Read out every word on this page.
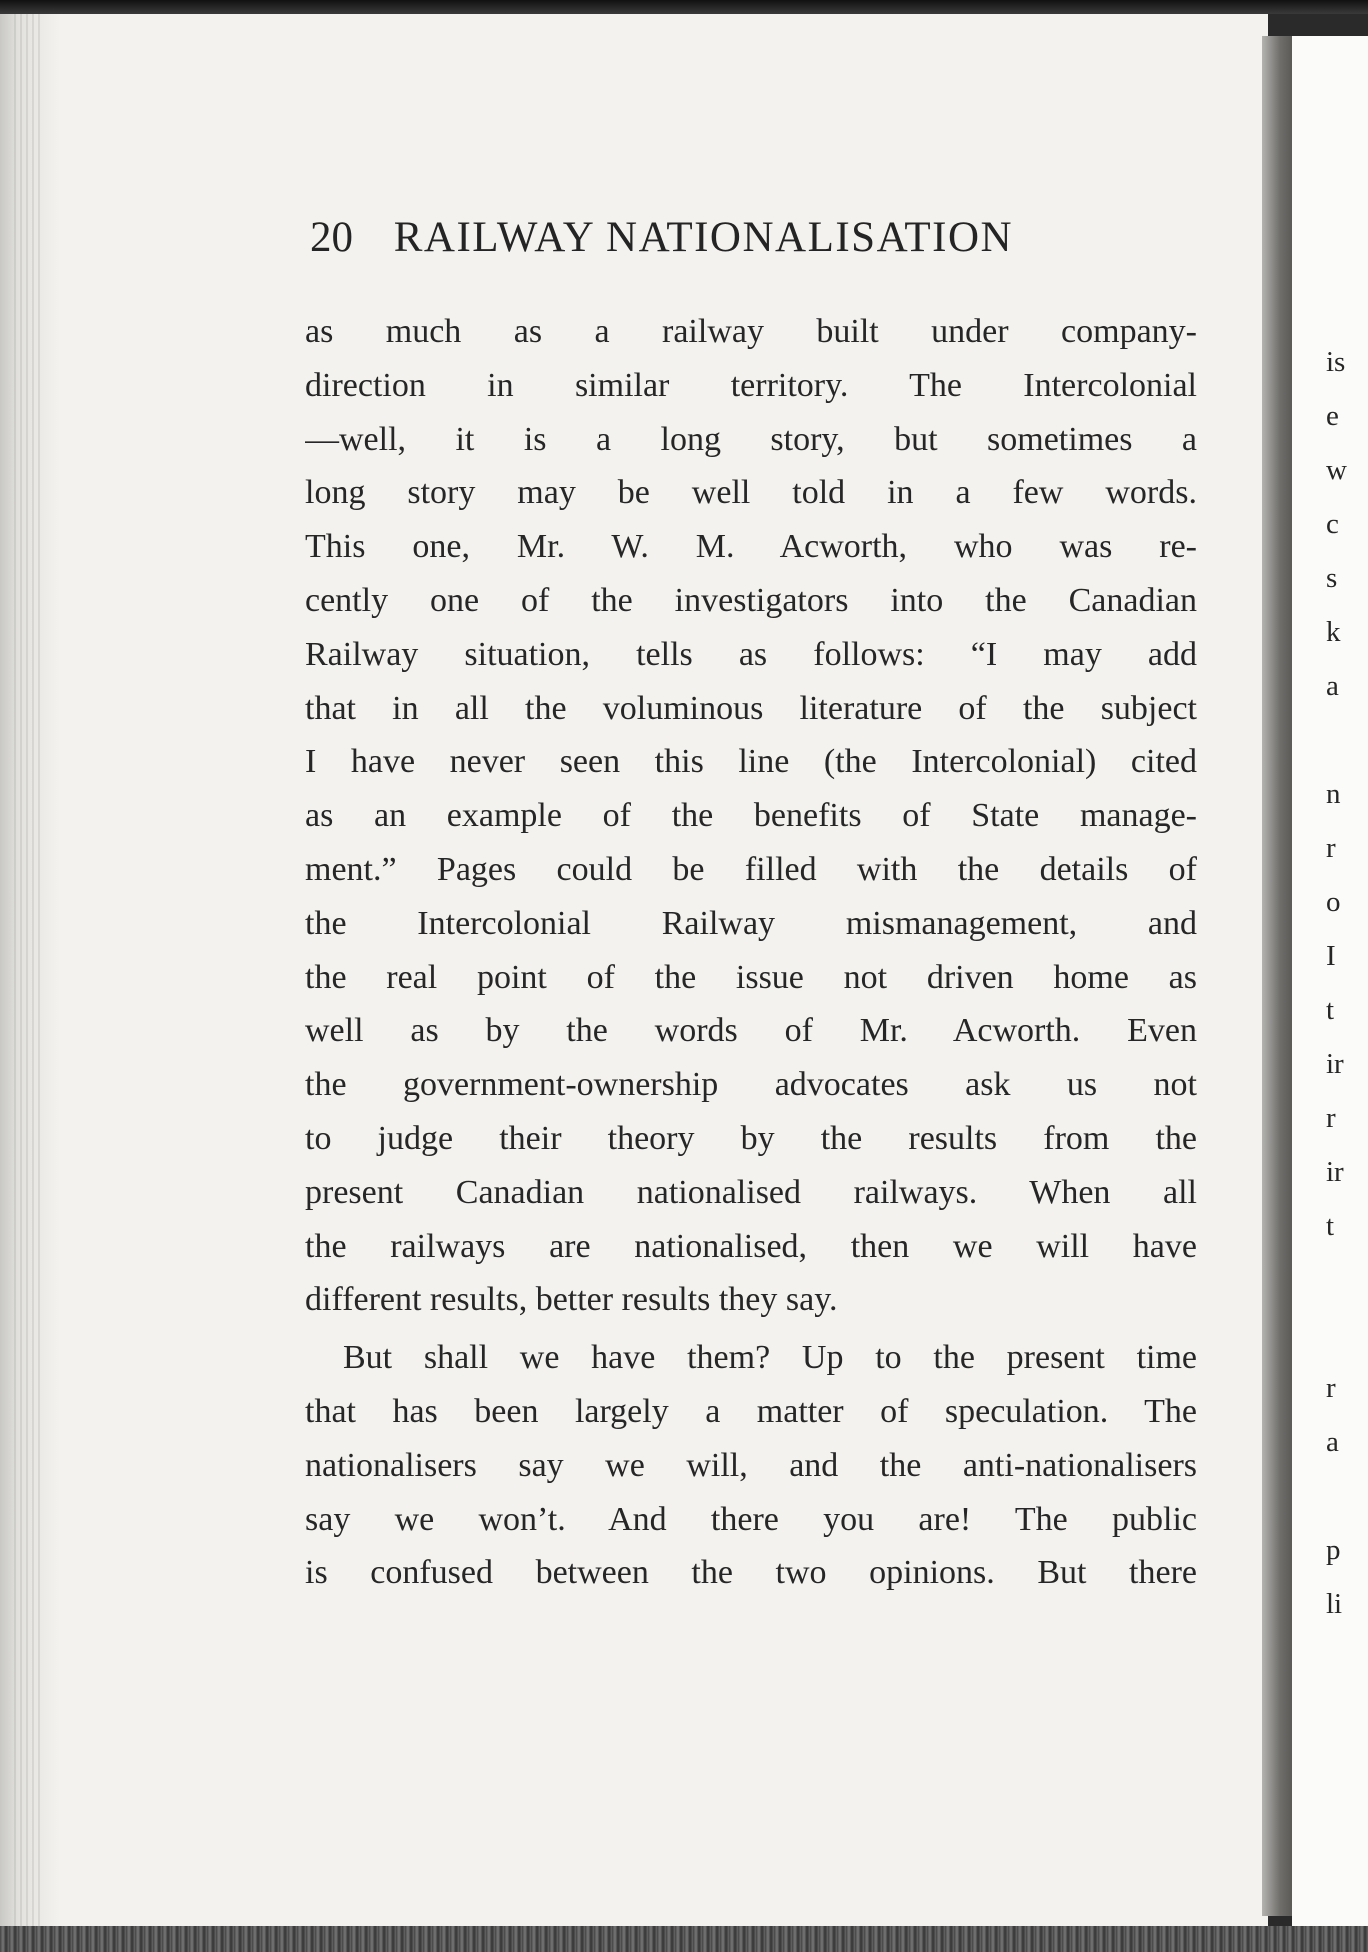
is
e
w
c
s
k
a
n
r
o
I
t
ir
r
ir
t
r
a
p
li
20 RAILWAY NATIONALISATION
as much as a railway built under company-
direction in similar territory. The Intercolonial
—well, it is a long story, but sometimes a
long story may be well told in a few words.
This one, Mr. W. M. Acworth, who was re-
cently one of the investigators into the Canadian
Railway situation, tells as follows: “I may add
that in all the voluminous literature of the subject
I have never seen this line (the Intercolonial) cited
as an example of the benefits of State manage-
ment.” Pages could be filled with the details of
the Intercolonial Railway mismanagement, and
the real point of the issue not driven home as
well as by the words of Mr. Acworth. Even
the government-ownership advocates ask us not
to judge their theory by the results from the
present Canadian nationalised railways. When all
the railways are nationalised, then we will have
different results, better results they say.
But shall we have them? Up to the present time
that has been largely a matter of speculation. The
nationalisers say we will, and the anti-nationalisers
say we won’t. And there you are! The public
is confused between the two opinions. But there
